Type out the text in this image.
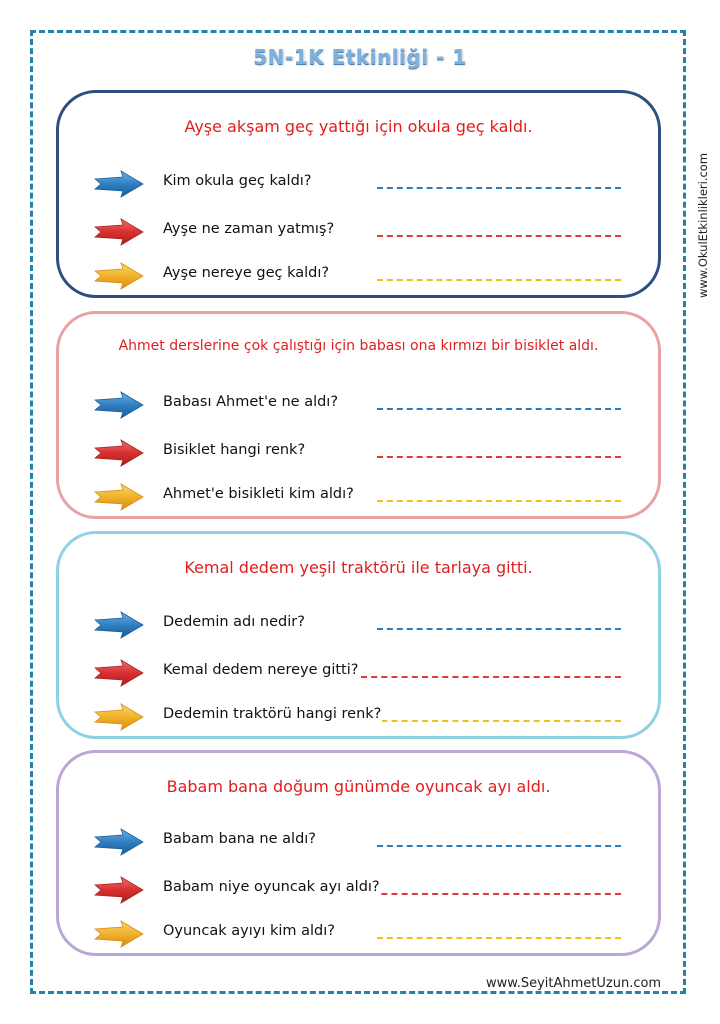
5N-1K Etkinliği - 1
www.OkulEtkinlikleri.com
Ayşe akşam geç yattığı için okula geç kaldı.
Kim okula geç kaldı?
Ayşe ne zaman yatmış?
Ayşe nereye geç kaldı?
Ahmet derslerine çok çalıştığı için babası ona kırmızı bir bisiklet aldı.
Babası Ahmet'e ne aldı?
Bisiklet hangi renk?
Ahmet'e bisikleti kim aldı?
Kemal dedem yeşil traktörü ile tarlaya gitti.
Dedemin adı nedir?
Kemal dedem nereye gitti?
Dedemin traktörü hangi renk?
Babam bana doğum günümde oyuncak ayı aldı.
Babam bana ne aldı?
Babam niye oyuncak ayı aldı?
Oyuncak ayıyı kim aldı?
www.SeyitAhmetUzun.com
